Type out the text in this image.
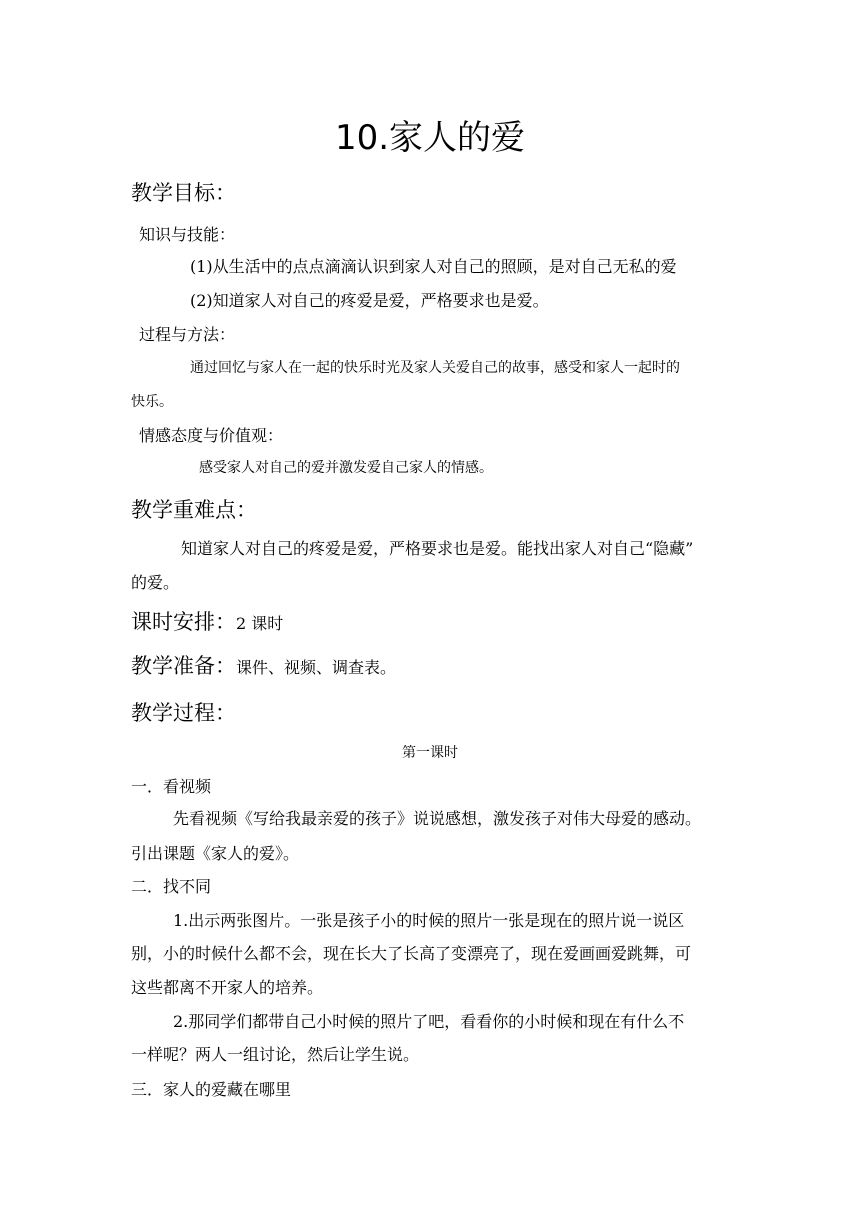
10.家人的爱
教学目标：
知识与技能：
(1)从生活中的点点滴滴认识到家人对自己的照顾，是对自己无私的爱
(2)知道家人对自己的疼爱是爱，严格要求也是爱。
过程与方法：
通过回忆与家人在一起的快乐时光及家人关爱自己的故事，感受和家人一起时的
快乐。
情感态度与价值观：
感受家人对自己的爱并激发爱自己家人的情感。
教学重难点：
知道家人对自己的疼爱是爱，严格要求也是爱。能找出家人对自己“隐藏”
的爱。
课时安排：2 课时
教学准备：课件、视频、调查表。
教学过程：
第一课时
一．看视频
先看视频《写给我最亲爱的孩子》说说感想，激发孩子对伟大母爱的感动。
引出课题《家人的爱》。
二．找不同
1.出示两张图片。一张是孩子小的时候的照片一张是现在的照片说一说区
别，小的时候什么都不会，现在长大了长高了变漂亮了，现在爱画画爱跳舞，可
这些都离不开家人的培养。
2.那同学们都带自己小时候的照片了吧，看看你的小时候和现在有什么不
一样呢？两人一组讨论，然后让学生说。
三．家人的爱藏在哪里
